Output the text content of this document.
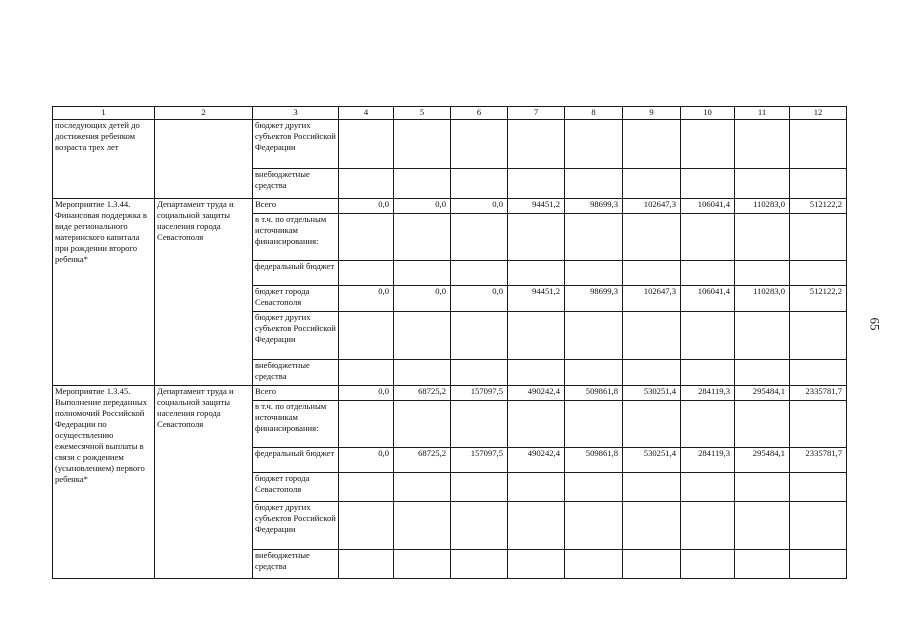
1	2	3	4	5	6	7	8	9	10	11	12
последующих детей до достижения ребенком возраста трех лет		бюджет других субъектов Российской Федерации									
		внебюджетные средства									
Мероприятие 1.3.44. Финансовая поддержка в виде регионального материнского капитала при рождении второго ребенка*	Департамент труда и социальной защиты населения города Севастополя	Всего	0,0	0,0	0,0	94451,2	98699,3	102647,3	106041,4	110283,0	512122,2
		в т.ч. по отдельным источникам финансирования:									
		федеральный бюджет									
		бюджет города Севастополя	0,0	0,0	0,0	94451,2	98699,3	102647,3	106041,4	110283,0	512122,2
		бюджет других субъектов Российской Федерации									
		внебюджетные средства									
Мероприятие 1.3.45. Выполнение переданных полномочий Российской Федерации по осуществлению ежемесячной выплаты в связи с рождением (усыновлением) первого ребенка*	Департамент труда и социальной защиты населения города Севастополя	Всего	0,0	68725,2	157097,5	490242,4	509861,8	530251,4	284119,3	295484,1	2335781,7
		в т.ч. по отдельным источникам финансирования:									
		федеральный бюджет	0,0	68725,2	157097,5	490242,4	509861,8	530251,4	284119,3	295484,1	2335781,7
		бюджет города Севастополя									
		бюджет других субъектов Российской Федерации									
		внебюджетные средства									
65
